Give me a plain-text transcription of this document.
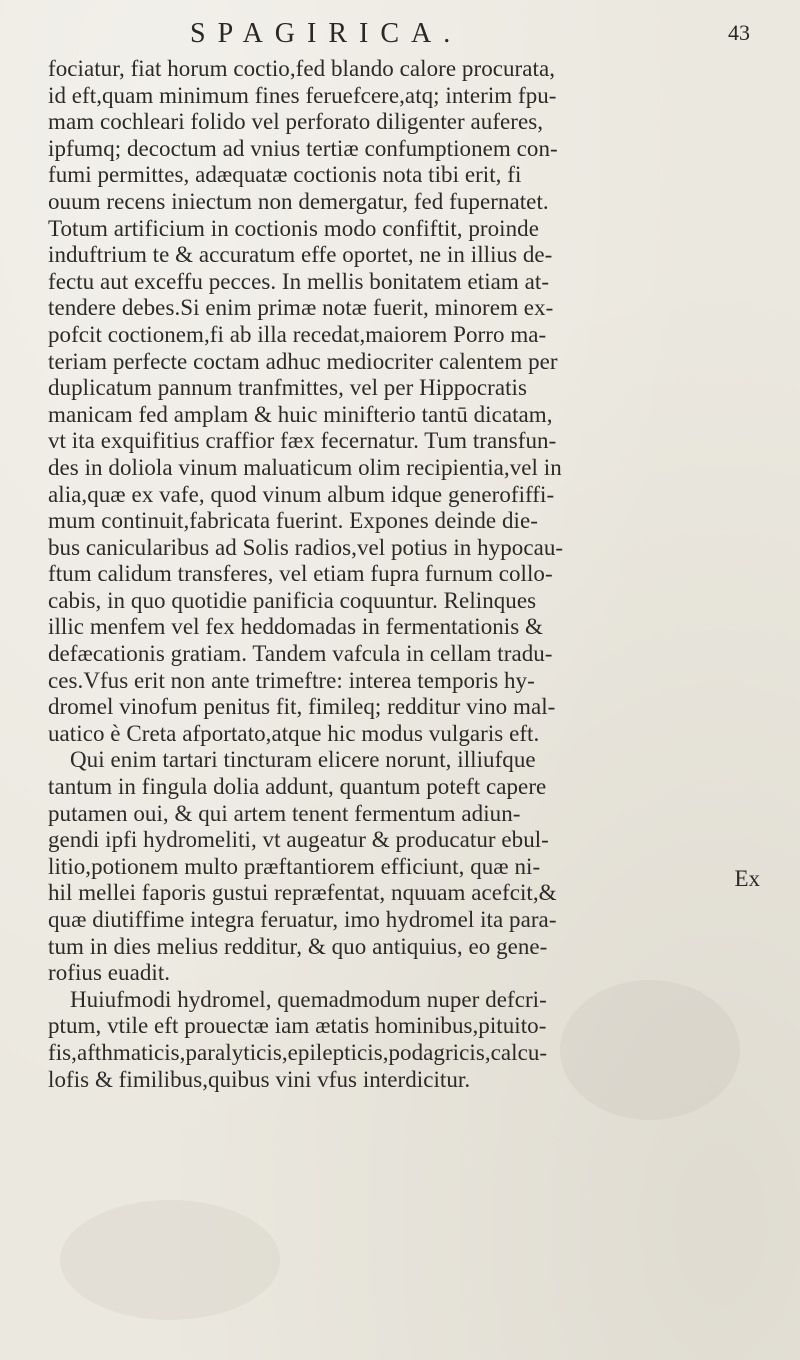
SPAGIRICA.	43
fociatur, fiat horum coctio,fed blando calore procurata,
id eft,quam minimum fines feruefcere,atq; interim fpu-
mam cochleari folido vel perforato diligenter auferes,
ipfumq; decoctum ad vnius tertiæ confumptionem con-
fumi permittes, adæquatæ coctionis nota tibi erit, fi
ouum recens iniectum non demergatur, fed fupernatet.
Totum artificium in coctionis modo confiftit, proinde
induftrium te & accuratum effe oportet, ne in illius de-
fectu aut exceffu pecces. In mellis bonitatem etiam at-
tendere debes.Si enim primæ notæ fuerit, minorem ex-
pofcit coctionem,fi ab illa recedat,maiorem Porro ma-
teriam perfecte coctam adhuc mediocriter calentem per
duplicatum pannum tranfmittes, vel per Hippocratis
manicam fed amplam & huic minifterio tantū dicatam,
vt ita exquifitius craffior fæx fecernatur. Tum transfun-
des in doliola vinum maluaticum olim recipientia,vel in
alia,quæ ex vafe, quod vinum album idque generofiffi-
mum continuit,fabricata fuerint. Expones deinde die-
bus canicularibus ad Solis radios,vel potius in hypocau-
ftum calidum transferes, vel etiam fupra furnum collo-
cabis, in quo quotidie panificia coquuntur. Relinques
illic menfem vel fex heddomadas in fermentationis &
defæcationis gratiam. Tandem vafcula in cellam tradu-
ces.Vfus erit non ante trimeftre: interea temporis hy-
dromel vinofum penitus fit, fimileq; redditur vino mal-
uatico è Creta afportato,atque hic modus vulgaris eft.
Qui enim tartari tincturam elicere norunt, illiufque
tantum in fingula dolia addunt, quantum poteft capere
putamen oui, & qui artem tenent fermentum adiun-
gendi ipfi hydromeliti, vt augeatur & producatur ebul-
litio,potionem multo præftantiorem efficiunt, quæ ni-
hil mellei faporis gustui repræfentat, nquuam acefcit,&
quæ diutiffime integra feruatur, imo hydromel ita para-
tum in dies melius redditur, & quo antiquius, eo gene-
rofius euadit.
Huiufmodi hydromel, quemadmodum nuper defcri-
ptum, vtile eft prouectæ iam ætatis hominibus,pituito-
fis,afthmaticis,paralyticis,epilepticis,podagricis,calcu-
lofis & fimilibus,quibus vini vfus interdicitur.
Ex
